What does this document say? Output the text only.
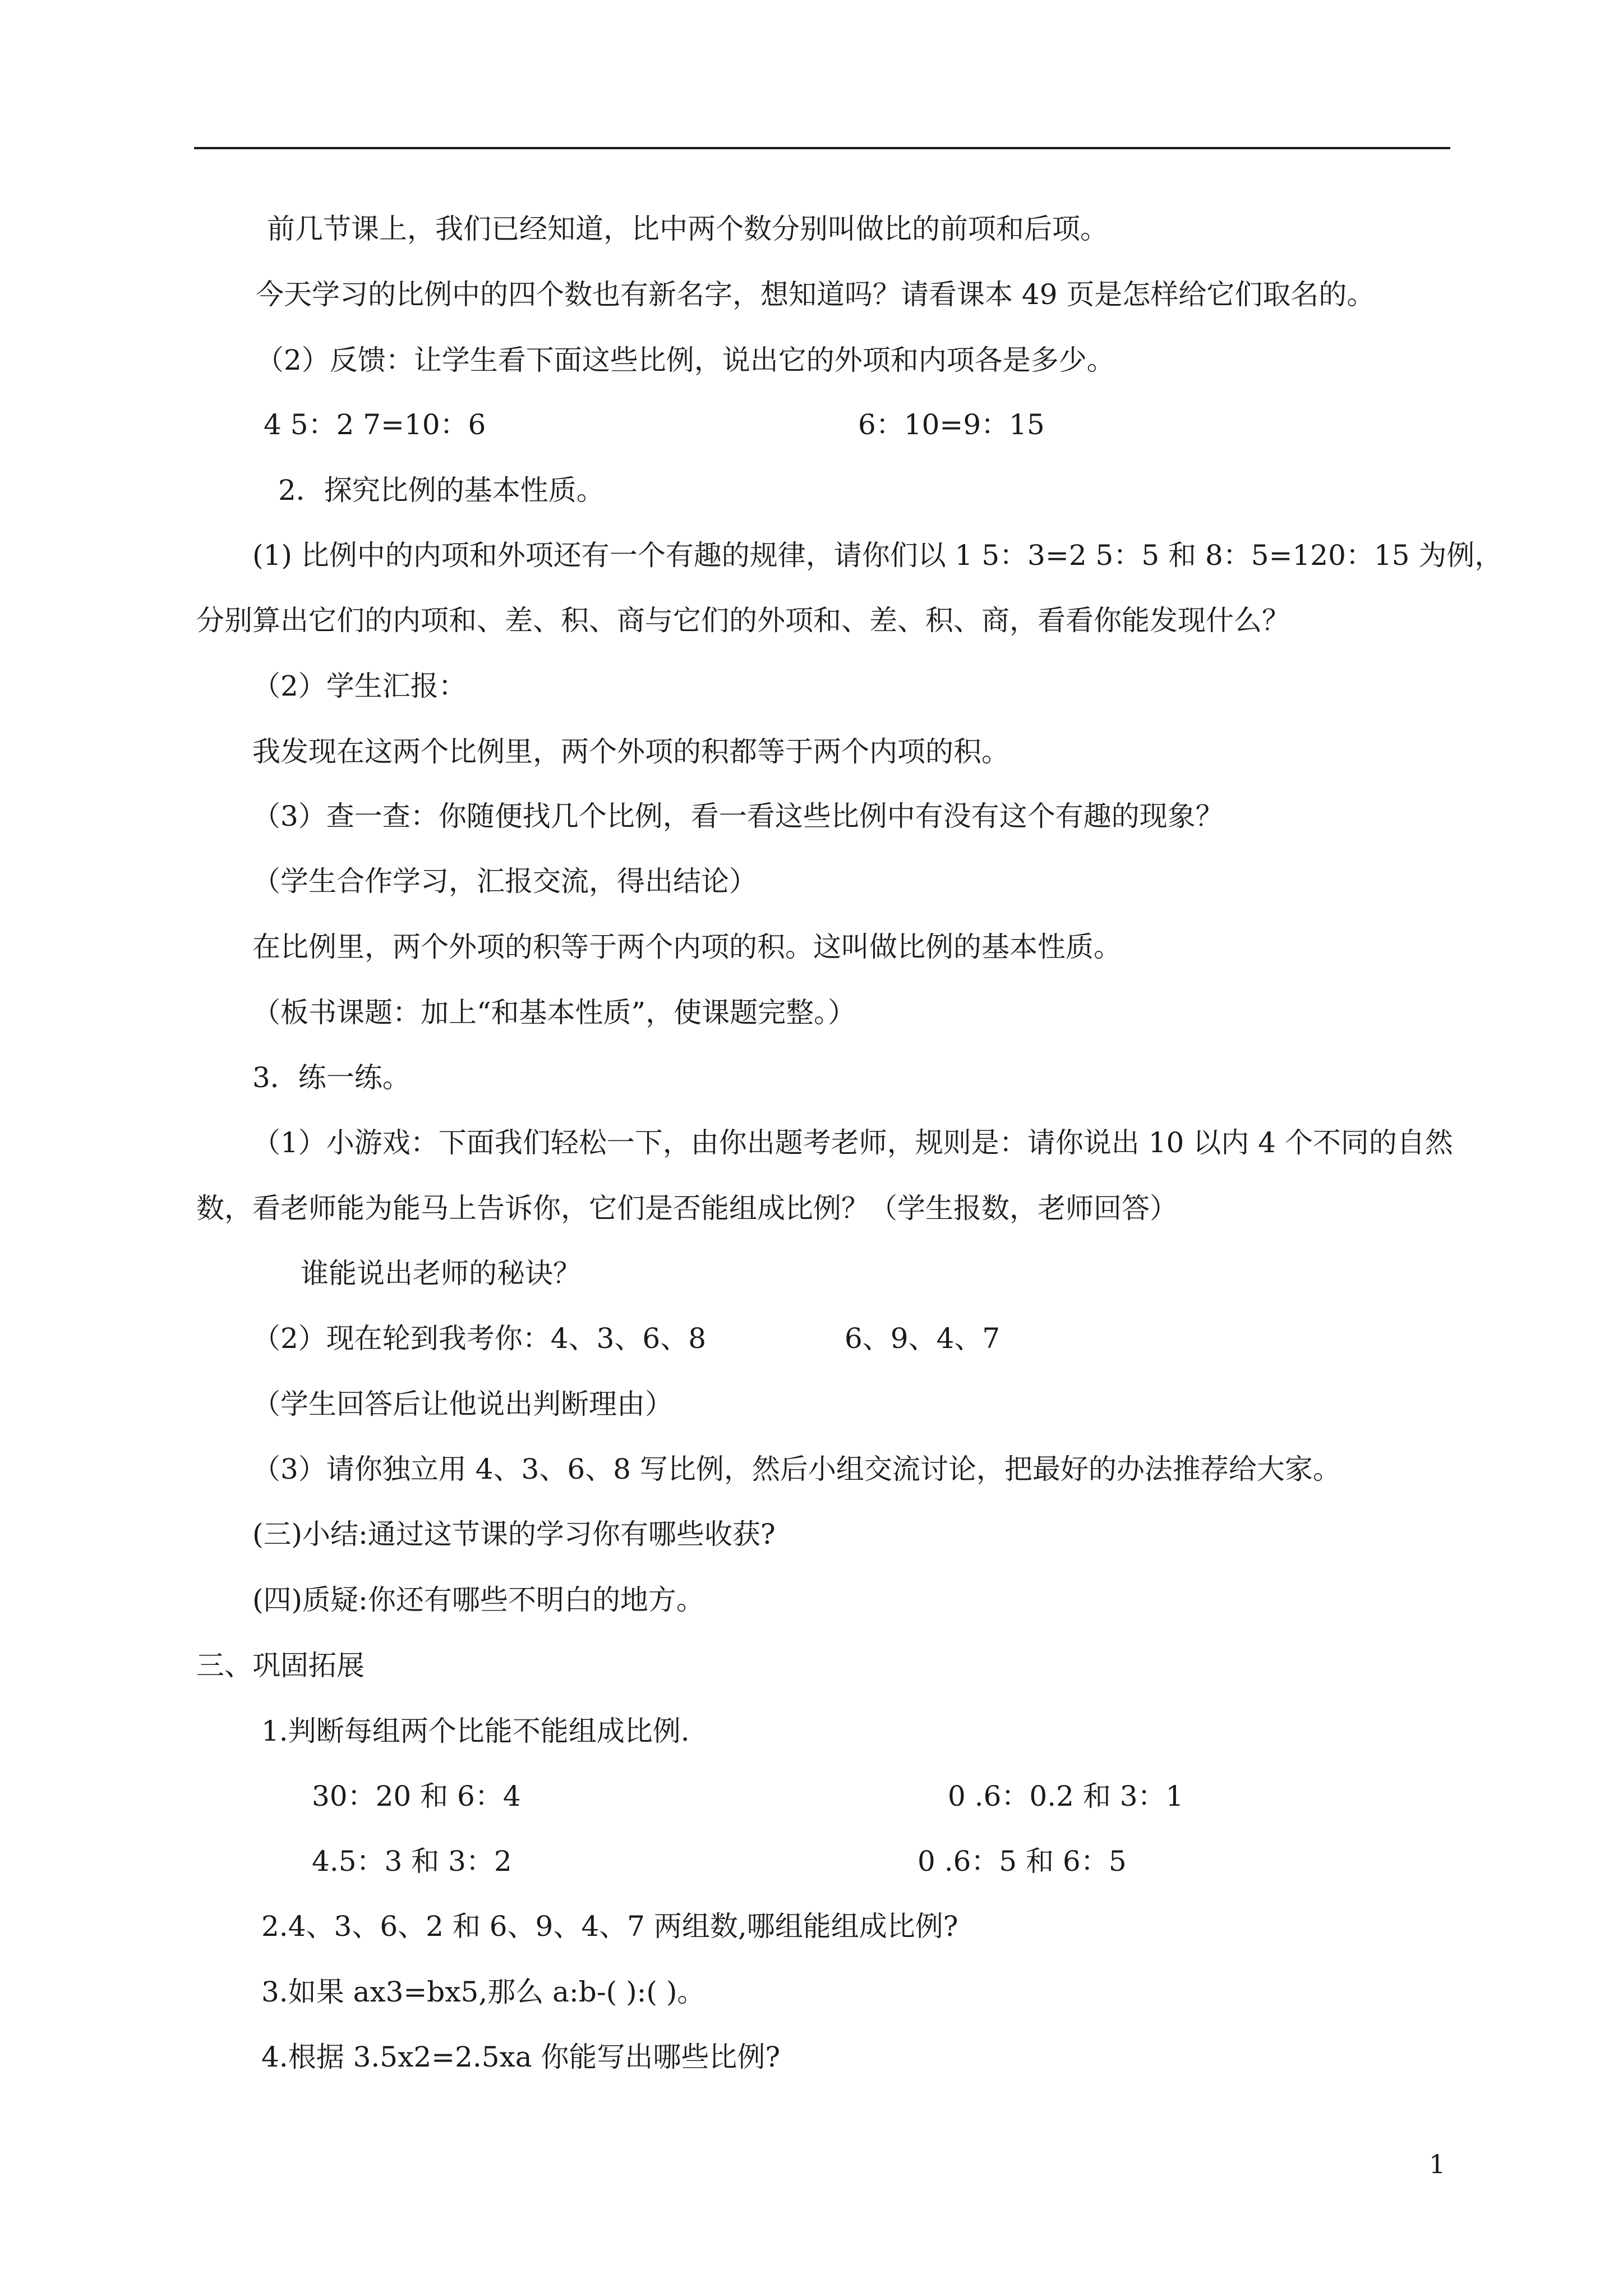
前几节课上，我们已经知道，比中两个数分别叫做比的前项和后项。
今天学习的比例中的四个数也有新名字，想知道吗？请看课本 49 页是怎样给它们取名的。
（2）反馈：让学生看下面这些比例，说出它的外项和内项各是多少。
4 5：2 7=10：6	6：10=9：15
2．探究比例的基本性质。
(1) 比例中的内项和外项还有一个有趣的规律，请你们以 1 5：3=2 5：5 和 8：5=120：15 为例，
分别算出它们的内项和、差、积、商与它们的外项和、差、积、商，看看你能发现什么？
（2）学生汇报：
我发现在这两个比例里，两个外项的积都等于两个内项的积。
（3）查一查：你随便找几个比例，看一看这些比例中有没有这个有趣的现象？
（学生合作学习，汇报交流，得出结论）
在比例里，两个外项的积等于两个内项的积。这叫做比例的基本性质。
（板书课题：加上“和基本性质”，使课题完整。）
3．练一练。
（1）小游戏：下面我们轻松一下，由你出题考老师，规则是：请你说出 10 以内 4 个不同的自然
数，看老师能为能马上告诉你，它们是否能组成比例？（学生报数，老师回答）
谁能说出老师的秘诀？
（2）现在轮到我考你：4、3、6、8	6、9、4、7
（学生回答后让他说出判断理由）
（3）请你独立用 4、3、6、8 写比例，然后小组交流讨论，把最好的办法推荐给大家。
(三)小结:通过这节课的学习你有哪些收获?
(四)质疑:你还有哪些不明白的地方。
三、巩固拓展
1.判断每组两个比能不能组成比例.
30：20 和 6：4	0 .6：0.2 和 3：1
4.5：3 和 3：2	0 .6：5 和 6：5
2.4、3、6、2 和 6、9、4、7 两组数,哪组能组成比例?
3.如果 ax3=bx5,那么 a:b-( ):( )。
4.根据 3.5x2=2.5xa 你能写出哪些比例?
1
